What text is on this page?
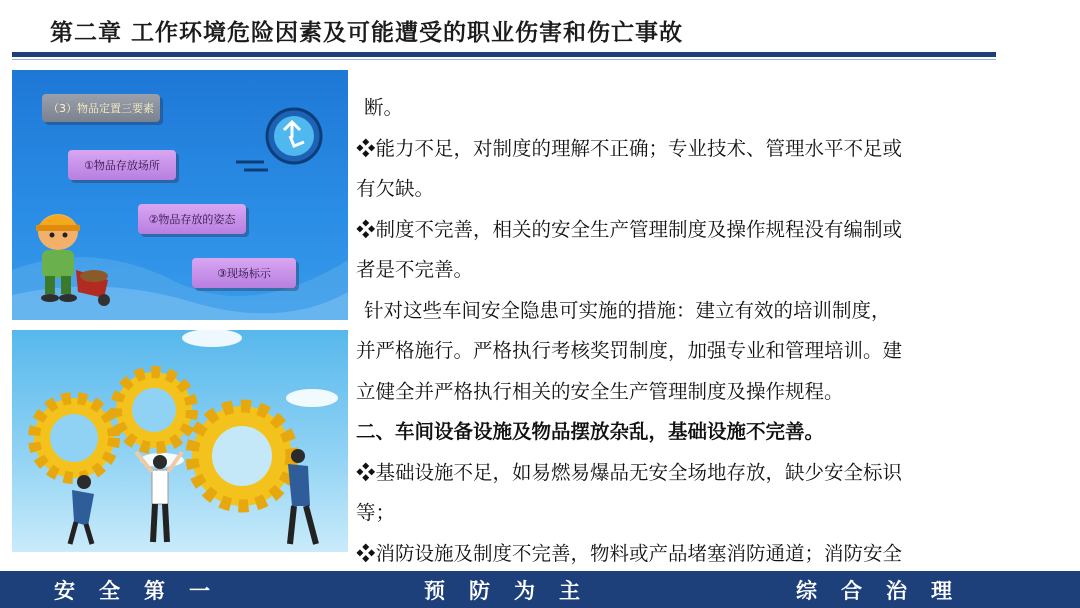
第二章 工作环境危险因素及可能遭受的职业伤害和伤亡事故
（3）物品定置三要素
①物品存放场所
②物品存放的姿态
③现场标示

断。

❖能力不足，对制度的理解不正确；专业技术、管理水平不足或

有欠缺。

❖制度不完善，相关的安全生产管理制度及操作规程没有编制或

者是不完善。

针对这些车间安全隐患可实施的措施：建立有效的培训制度，

并严格施行。严格执行考核奖罚制度，加强专业和管理培训。建

立健全并严格执行相关的安全生产管理制度及操作规程。

二、车间设备设施及物品摆放杂乱，基础设施不完善。

❖基础设施不足，如易燃易爆品无安全场地存放，缺少安全标识

等；

❖消防设施及制度不完善，物料或产品堵塞消防通道；消防安全

安全第一	预防为主	综合治理
